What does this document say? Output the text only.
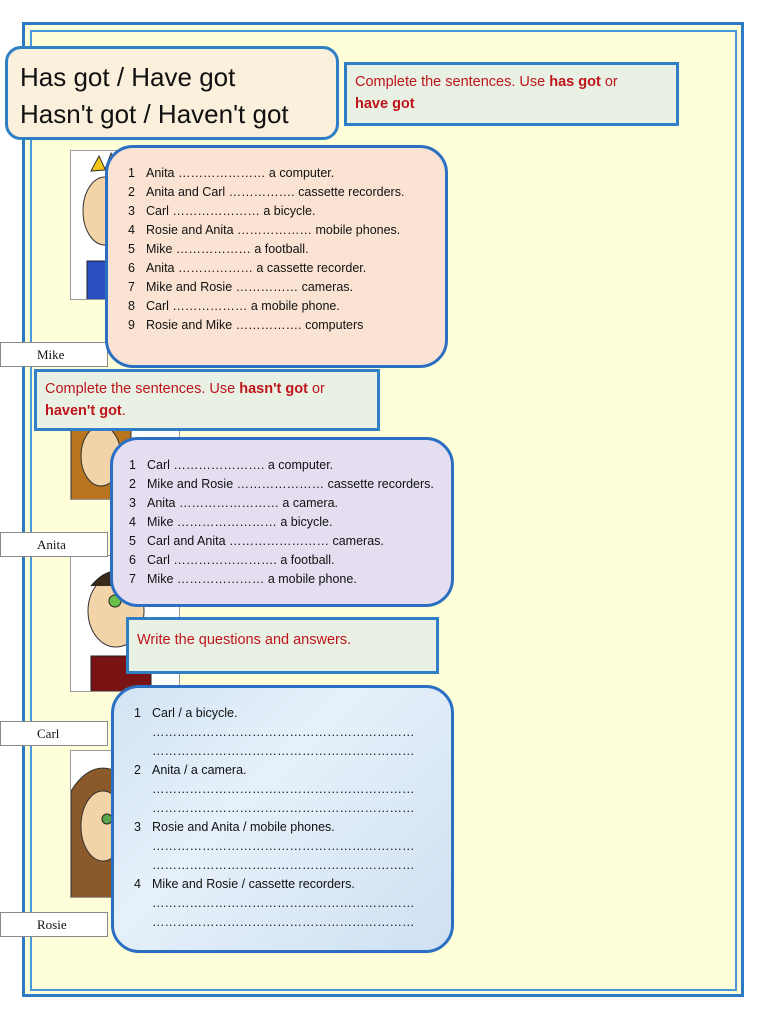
Mike
Anita
Carl
Rosie
Has got / Have got
Hasn't got / Haven't got
Complete the sentences. Use has got or
have got
1 Anita ………………… a computer.
2 Anita and Carl ……………. cassette recorders.
3 Carl ………………… a bicycle.
4 Rosie and Anita ……………… mobile phones.
5 Mike ……………… a football.
6 Anita ……………… a cassette recorder.
7 Mike and Rosie …………… cameras.
8 Carl ……………… a mobile phone.
9 Rosie and Mike ……………. computers
Complete the sentences. Use hasn't got or
haven't got.
1 Carl …………………. a computer.
2 Mike and Rosie ………………… cassette recorders.
3 Anita …………………… a camera.
4 Mike …………………… a bicycle.
5 Carl and Anita …………………… cameras.
6 Carl ……………………. a football.
7 Mike ………………… a mobile phone.
Write the questions and answers.
1 Carl / a bicycle.
………………………………………………………
………………………………………………………
2 Anita / a camera.
………………………………………………………
………………………………………………………
3 Rosie and Anita / mobile phones.
………………………………………………………
………………………………………………………
4 Mike and Rosie / cassette recorders.
………………………………………………………
………………………………………………………
